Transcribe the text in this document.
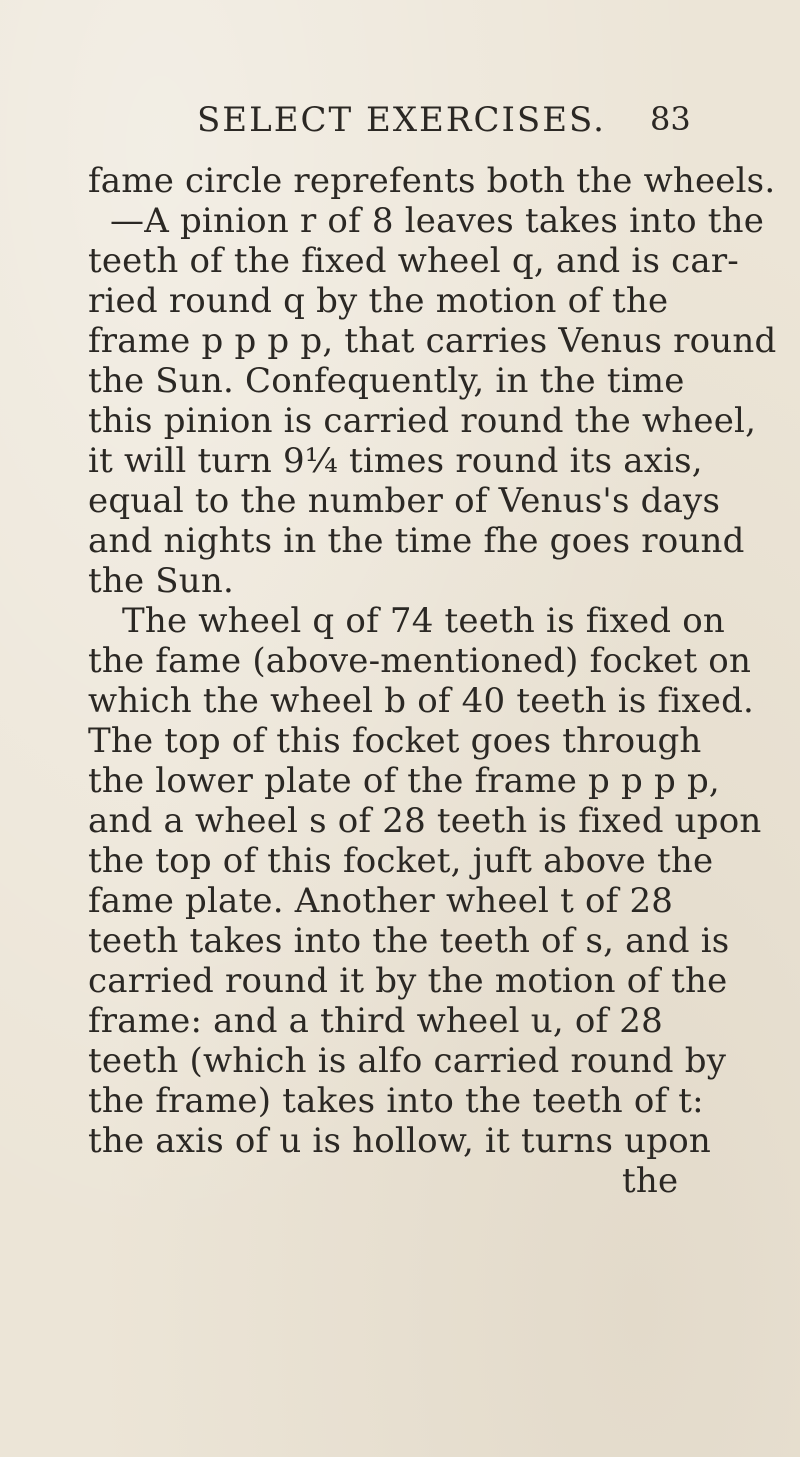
SELECT EXERCISES. 83
fame circle reprefents both the wheels.
—A pinion r of 8 leaves takes into the
teeth of the fixed wheel q, and is car-
ried round q by the motion of the
frame p p p p, that carries Venus round
the Sun. Confequently, in the time
this pinion is carried round the wheel,
it will turn 9¼ times round its axis,
equal to the number of Venus's days
and nights in the time fhe goes round
the Sun.
The wheel q of 74 teeth is fixed on
the fame (above-mentioned) focket on
which the wheel b of 40 teeth is fixed.
The top of this focket goes through
the lower plate of the frame p p p p,
and a wheel s of 28 teeth is fixed upon
the top of this focket, juft above the
fame plate. Another wheel t of 28
teeth takes into the teeth of s, and is
carried round it by the motion of the
frame: and a third wheel u, of 28
teeth (which is alfo carried round by
the frame) takes into the teeth of t:
the axis of u is hollow, it turns upon
the
